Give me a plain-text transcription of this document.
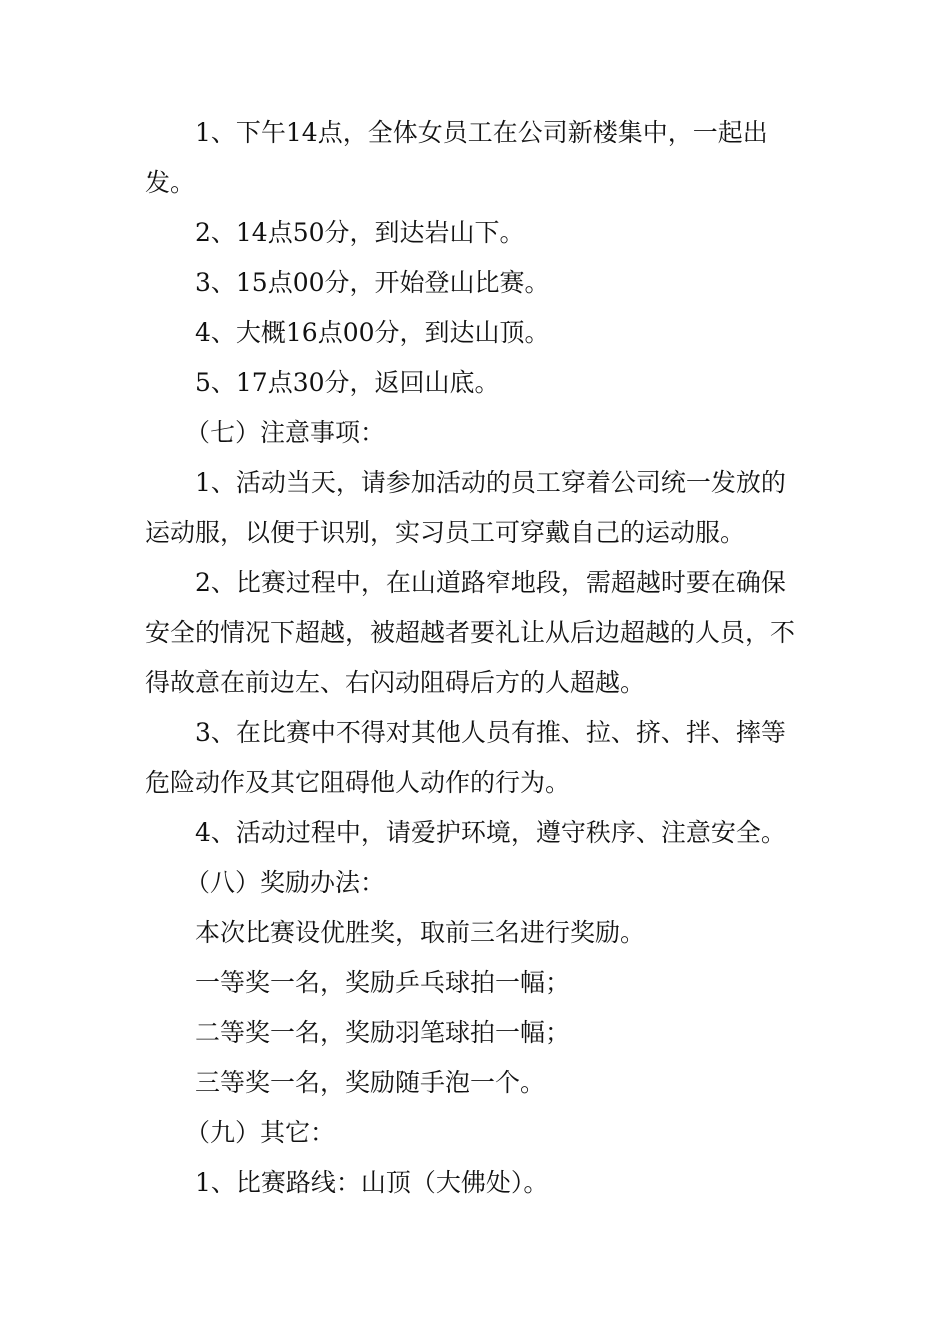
1、下午14点，全体女员工在公司新楼集中，一起出发。

2、14点50分，到达岩山下。

3、15点00分，开始登山比赛。

4、大概16点00分，到达山顶。

5、17点30分，返回山底。

（七）注意事项：

1、活动当天，请参加活动的员工穿着公司统一发放的运动服，以便于识别，实习员工可穿戴自己的运动服。

2、比赛过程中，在山道路窄地段，需超越时要在确保安全的情况下超越，被超越者要礼让从后边超越的人员，不得故意在前边左、右闪动阻碍后方的人超越。

3、在比赛中不得对其他人员有推、拉、挤、拌、摔等危险动作及其它阻碍他人动作的行为。

4、活动过程中，请爱护环境，遵守秩序、注意安全。

（八）奖励办法：

本次比赛设优胜奖，取前三名进行奖励。

一等奖一名，奖励乒乓球拍一幅；

二等奖一名，奖励羽笔球拍一幅；

三等奖一名，奖励随手泡一个。

（九）其它：

1、比赛路线：山顶（大佛处）。
